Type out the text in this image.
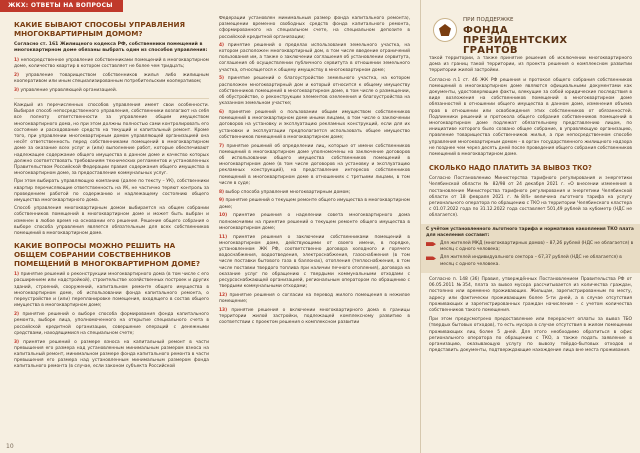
ЖКХ: ОТВЕТЫ НА ВОПРОСЫ
КАКИЕ БЫВАЮТ СПОСОБЫ УПРАВЛЕНИЯ МНОГОКВАРТИРНЫМ ДОМОМ?
Согласно ст. 161 Жилищного кодекса РФ, собственники помещений в многоквартирном доме обязаны выбрать один из способов управления:
1) непосредственное управление собственниками помещений в многоквартирном доме, количество квартир в котором составляет не более чем тридцать;
2) управление товариществом собственников жилья либо жилищным кооперативом или иным специализированным потребительским кооперативом;
3) управление управляющей организацией.
Каждый из перечисленных способов управления имеет свои особенности. Выбирая способ непосредственного управления, собственники возлагают на себя все полноту ответственности за управление общим имуществом многоквартирного дома, но при этом должны полностью сами контролировать его состояние и расходование средств на текущий и капитальный ремонт. Кроме того, при управлении многоквартирным домом управляющей организацией она несёт ответственность перед собственниками помещений в многоквартирном доме за оказание всех услуг и (или) выполнение работ, которые обеспечивают надлежащее содержание общего имущества в данном доме и качество которых должно соответствовать требованиям технических регламентов и установленных Правительством Российской Федерации правил содержания общего имущества в многоквартирном доме, за предоставление коммунальных услуг.
При этом выбирать управляющую компанию (далее по тексту – УК), собственники квартир перечисляющие ответственность на УК, не частично теряют контроль за проведением работой по содержанию и надлежащему состоянию общего имущества многоквартирного дома.
Способ управления многоквартирным домом выбирается на общем собрании собственников помещений в многоквартирном доме и может быть выбран и изменен в любое время на основании его решения. Решение общего собрания о выборе способа управления является обязательным для всех собственников помещений в многоквартирном доме.
КАКИЕ ВОПРОСЫ МОЖНО РЕШИТЬ НА ОБЩЕМ СОБРАНИИ СОБСТВЕННИКОВ ПОМЕЩЕНИЙ В МНОГОКВАРТИРНОМ ДОМЕ?
1) принятие решений о реконструкции многоквартирного дома (в том числе с его расширением или надстройкой), строительстве хозяйственных построек и других зданий, строений, сооружений, капитальном ремонте общего имущества в многоквартирном доме, об использовании фонда капитального ремонта, о переустройстве и (или) перепланировке помещения, входящего в состав общего имущества в многоквартирном доме;
2) принятие решений о выборе способа формирования фонда капитального ремонта, выборе лица, уполномоченного на открытие специального счета в российской кредитной организации, совершение операций с денежными средствами, находящимися на специальном счете;
3) принятие решений о размере взноса на капитальный ремонт в части превышения его размера над установленным минимальным размером взноса на капитальный ремонт, минимальном размере фонда капитального ремонта в части превышения его размера над установленным минимальным размером фонда капитального ремонта (в случае, если законом субъекта Российской
Федерации установлен минимальный размер фонда капитального ремонта), размещении временно свободных средств фонда капитального ремонта, сформированного на специальном счете, на специальном депозите в российской кредитной организации;
4) принятие решений о пределах использования земельного участка, на котором расположен многоквартирный дом, в том числе введение ограничений пользования им, а также о заключении соглашения об установлении сервитута, соглашения об осуществлении публичного сервитута в отношении земельного участка, относящегося к общему имуществу в многоквартирном доме;
5) принятие решений о благоустройстве земельного участка, на котором расположен многоквартирный дом и который относится к общему имуществу собственников помещений в многоквартирном доме, в том числе о размещении, об обустройстве, о реконструкции элементов озеленения и благоустройства на указанном земельном участке;
6) принятие решений о пользовании общим имуществом собственников помещений в многоквартирном доме иными лицами, в том числе о заключении договоров на установку и эксплуатацию рекламных конструкций, если для их установки и эксплуатации предполагается использовать общее имущество собственников помещений в многоквартирном доме;
7) принятие решений об определении лиц, которые от имени собственников помещений в многоквартирном доме уполномочены на заключение договоров об использовании общего имущества собственников помещений в многоквартирном доме (в том числе договоров на установку и эксплуатацию рекламных конструкций), на представление интересов собственников помещений в многоквартирном доме в отношениях с третьими лицами, в том числе в суде;
8) выбор способа управления многоквартирным домом;
9) принятие решений о текущем ремонте общего имущества в многоквартирном доме;
10) принятие решения о наделении совета многоквартирного дома полномочиями на принятие решений о текущем ремонте общего имущества в многоквартирном доме;
11) принятие решения о заключении собственниками помещений в многоквартирном доме, действующими от своего имени, в порядке, установленном ЖК РФ, соответственно договора холодного и горячего водоснабжения, водоотведения, электроснабжения, газоснабжения (в том числе поставки бытового газа в баллонах), отопления (теплоснабжения, в том числе поставки твердого топлива при наличии печного отопления), договора на оказание услуг по обращению с твердыми коммунальными отходами с ресурсоснабжающей организацией, региональным оператором по обращению с твердыми коммунальными отходами;
12) принятие решения о согласии на перевод жилого помещения в нежилое помещение;
13) принятие решения о включении многоквартирного дома в границы территории жилой застройки, подлежащей комплексному развитию в соответствии с проектом решения о комплексном развитии
10
ПРИ ПОДДЕРЖКЕ
ФОНДА
ПРЕЗИДЕНТСКИХ
ГРАНТОВ
такой территории, а также принятие решения об исключении многоквартирного дома из границ такой территории, из проекта решения о комплексном развитии территории жилой застройки.
Согласно п.1 ст. 46 ЖК РФ решения и протокол общего собрания собственников помещений в многоквартирном доме являются официальными документами как документы, удостоверяющие факты, влекущие за собой юридические последствия в виде возложения на собственников помещений в многоквартирном доме обязанностей в отношении общего имущества в данном доме, изменения объема прав в отношении или освобождения этих собственников от обязанностей. Подлинники решений и протокола общего собрания собственников помещений в многоквартирном доме подлежат обязательному представлению лицом, по инициативе которого было созвано общее собрание, в управляющую организацию, правление товарищества собственников жилья, а при непосредственном способе управления многоквартирным домом – в орган государственного жилищного надзора не позднее чем через десять дней после проведения общего собрания собственников помещений в многоквартирном доме.
СКОЛЬКО НАДО ПЛАТИТЬ ЗА ВЫВОЗ ТКО?
Согласно Постановлению Министерства тарифного регулирования и энергетики Челябинской области № 82/98 от 24 декабря 2021 г. «О внесении изменения в постановление Министерства тарифного регулирования и энергетики Челябинской области от 18 февраля 2021 г. №8/4» величина льготного тарифа на услугу регионального оператора по обращению с ТКО на территории Челябинского кластера с 01.07.2022 года по 31.12.2022 года составляет 501,49 рублей за кубометр (НДС не облагается).
С учётом установленного льготного тарифа и нормативов накопления ТКО плата для населения составит:
Для жителей МКД (многоквартирных домов) – 87,26 рублей (НДС не облагается) в месяц с одного человека;
Для жителей индивидуального сектора – 67,37 рублей (НДС не облагается) в месяц с одного человека.
Согласно п. 148 (36) Правил, утверждённых Постановлением Правительства РФ от 06.05.2011 №354, плата за вывоз мусора рассчитывается из количества граждан, постоянно или временно проживающих. Жильцам, зарегистрированным по месту, адресу или фактически проживающим более 5-ти дней, а в случае отсутствия проживающих и зарегистрированных граждан начисление – с учетом количества собственников такого помещения.
При этом предусмотрено предоставление или перерасчет оплаты за вывоз ТБО (твердых бытовых отходов), то есть мусора в случае отсутствия в жилом помещении проживающих лиц более 5 дней. Для этого необходимо обратиться в офис регионального оператора по обращению с ТКО, а также подать заявление в организацию, оказывающую услугу по вывозу твёрдо-бытовых отходов и представить документы, подтверждающие нахождение лица вне места проживания.
